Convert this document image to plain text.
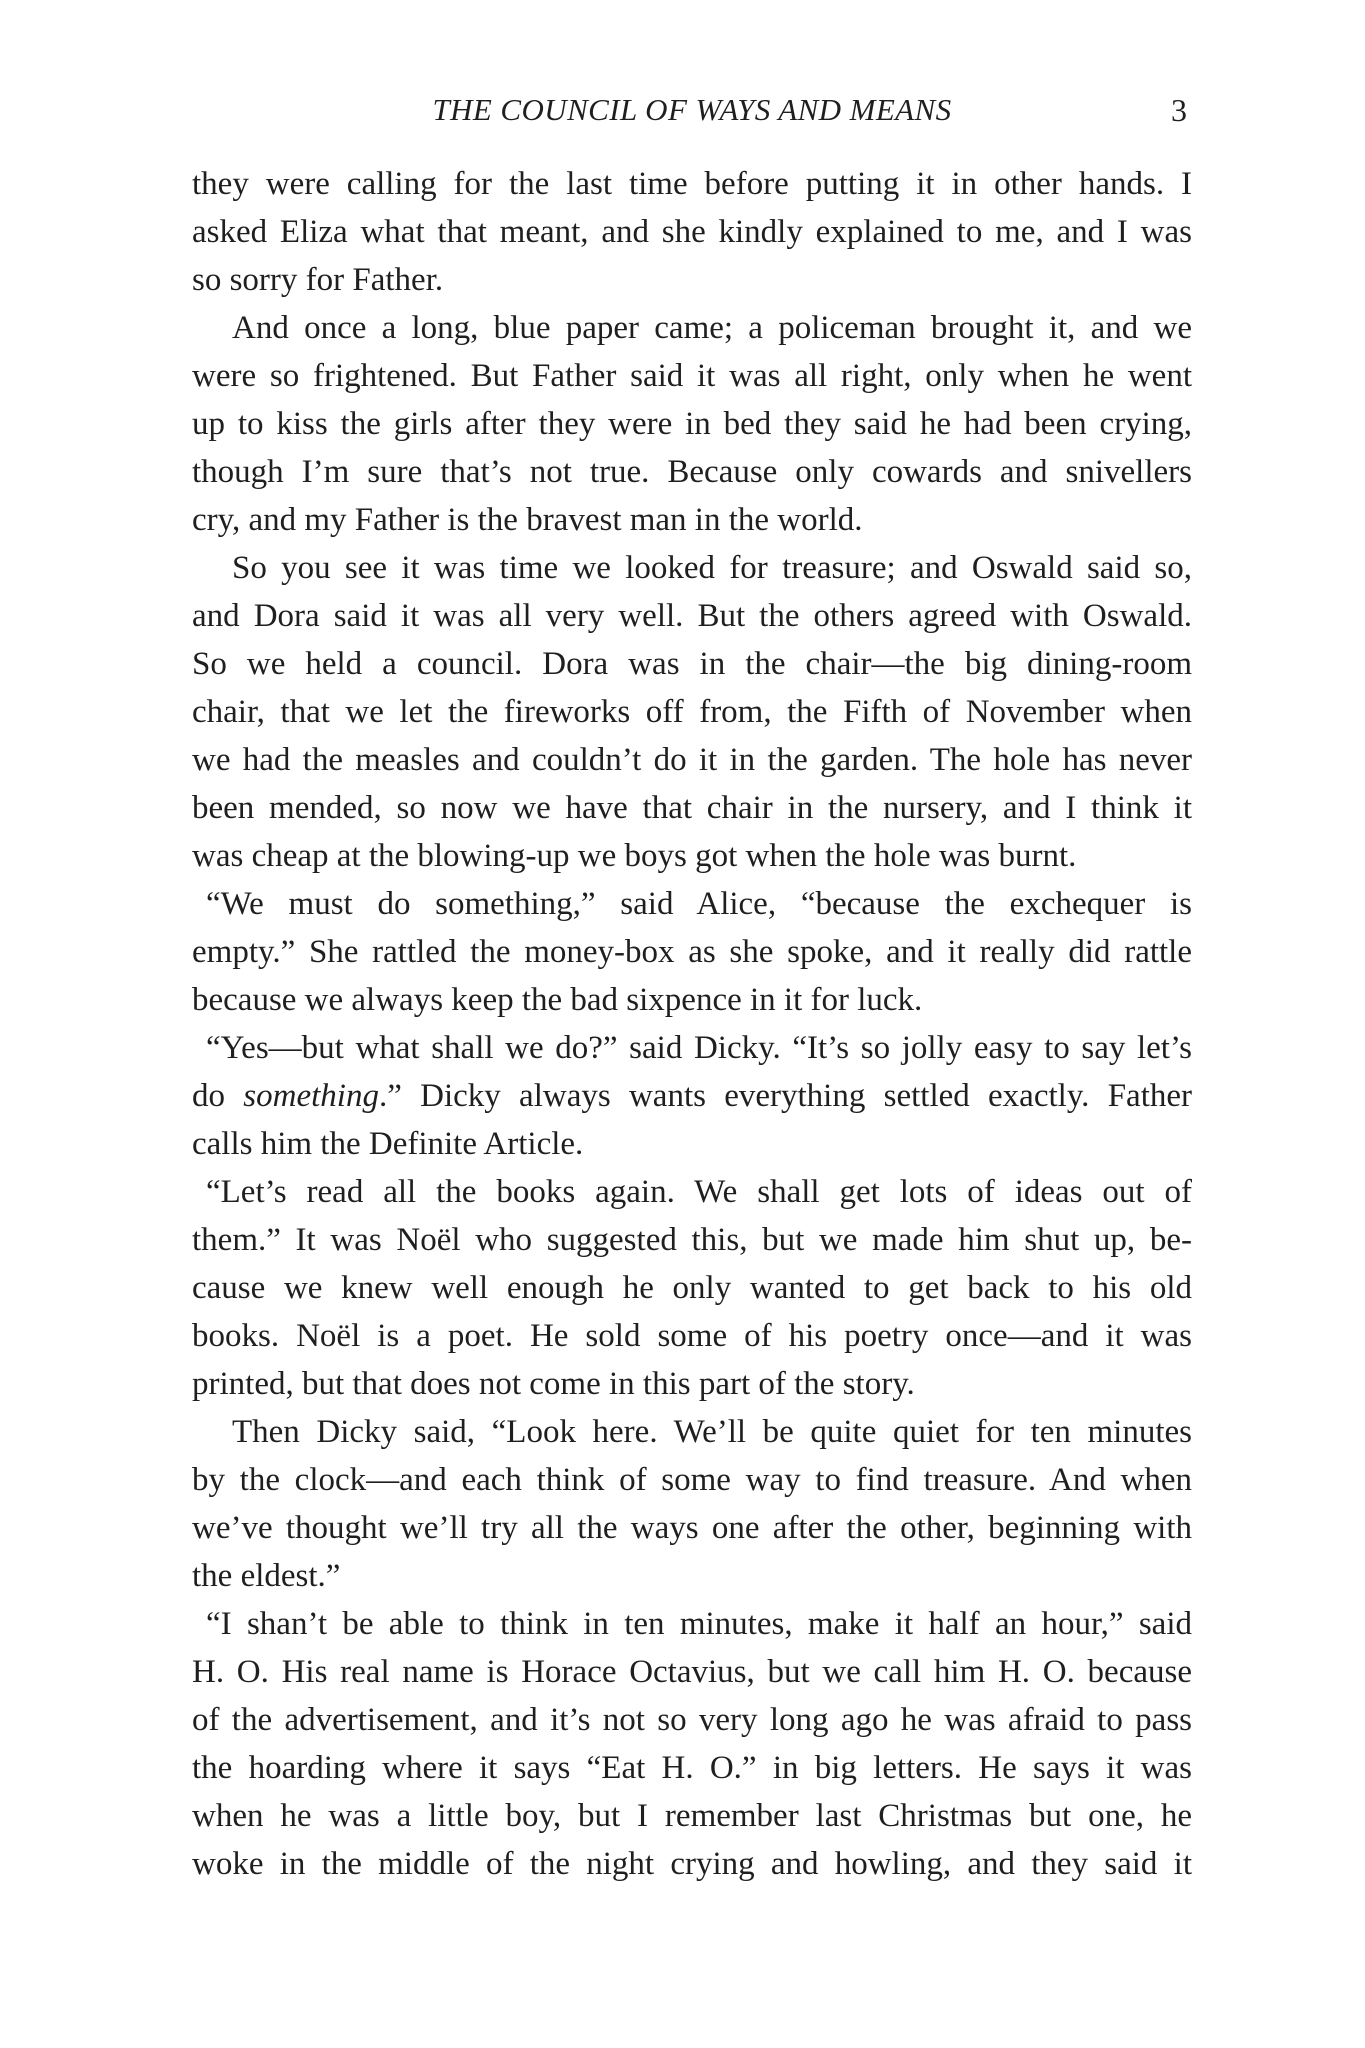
THE COUNCIL OF WAYS AND MEANS	3
they were calling for the last time before putting it in other hands. I
asked Eliza what that meant, and she kindly explained to me, and I was
so sorry for Father.
And once a long, blue paper came; a policeman brought it, and we
were so frightened. But Father said it was all right, only when he went
up to kiss the girls after they were in bed they said he had been crying,
though I’m sure that’s not true. Because only cowards and snivellers
cry, and my Father is the bravest man in the world.
So you see it was time we looked for treasure; and Oswald said so,
and Dora said it was all very well. But the others agreed with Oswald.
So we held a council. Dora was in the chair—the big dining-room
chair, that we let the fireworks off from, the Fifth of November when
we had the measles and couldn’t do it in the garden. The hole has never
been mended, so now we have that chair in the nursery, and I think it
was cheap at the blowing-up we boys got when the hole was burnt.
“We must do something,” said Alice, “because the exchequer is
empty.” She rattled the money-box as she spoke, and it really did rattle
because we always keep the bad sixpence in it for luck.
“Yes—but what shall we do?” said Dicky. “It’s so jolly easy to say let’s
do something.” Dicky always wants everything settled exactly. Father
calls him the Definite Article.
“Let’s read all the books again. We shall get lots of ideas out of
them.” It was Noël who suggested this, but we made him shut up, be-
cause we knew well enough he only wanted to get back to his old
books. Noël is a poet. He sold some of his poetry once—and it was
printed, but that does not come in this part of the story.
Then Dicky said, “Look here. We’ll be quite quiet for ten minutes
by the clock—and each think of some way to find treasure. And when
we’ve thought we’ll try all the ways one after the other, beginning with
the eldest.”
“I shan’t be able to think in ten minutes, make it half an hour,” said
H. O. His real name is Horace Octavius, but we call him H. O. because
of the advertisement, and it’s not so very long ago he was afraid to pass
the hoarding where it says “Eat H. O.” in big letters. He says it was
when he was a little boy, but I remember last Christmas but one, he
woke in the middle of the night crying and howling, and they said it
